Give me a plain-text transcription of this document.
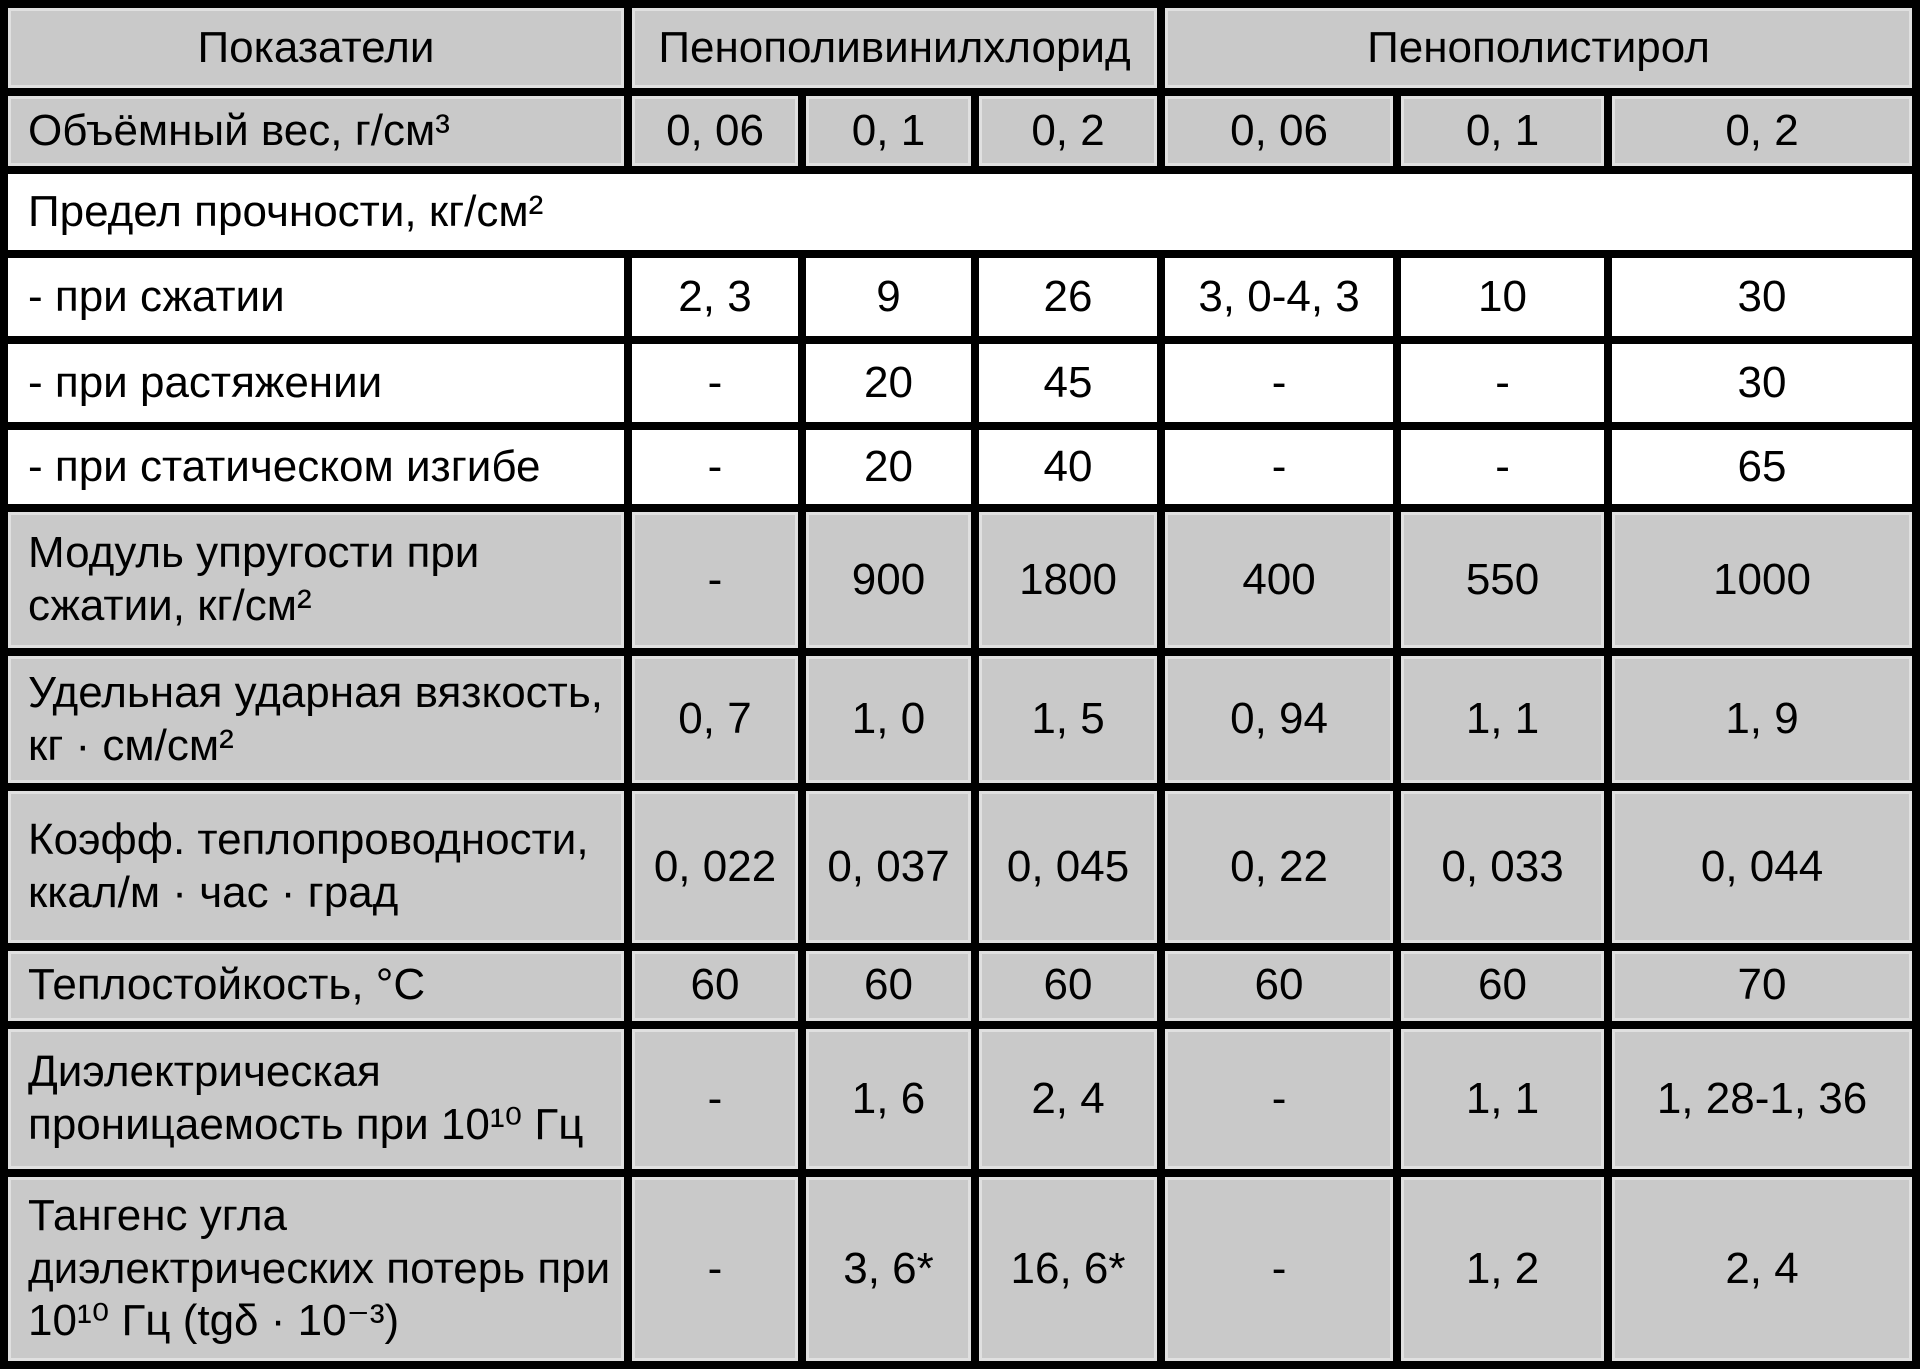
Показатели	Пенополивинилхлорид			Пенополистирол		
Объёмный вес, г/см³	0, 06	0, 1	0, 2	0, 06	0, 1	0, 2
Предел прочности, кг/см²						
- при сжатии	2, 3	9	26	3, 0-4, 3	10	30
- при растяжении	-	20	45	-	-	30
- при статическом изгибе	-	20	40	-	-	65
Модуль упругости при сжатии, кг/см²	-	900	1800	400	550	1000
Удельная ударная вязкость, кг · см/см²	0, 7	1, 0	1, 5	0, 94	1, 1	1, 9
Коэфф. теплопроводности, ккал/м · час · град	0, 022	0, 037	0, 045	0, 22	0, 033	0, 044
Теплостойкость, °С	60	60	60	60	60	70
Диэлектрическая проницаемость при 10¹⁰ Гц	-	1, 6	2, 4	-	1, 1	1, 28-1, 36
Тангенс угла диэлектрических потерь при 10¹⁰ Гц (tgδ · 10⁻³)	-	3, 6*	16, 6*	-	1, 2	2, 4
